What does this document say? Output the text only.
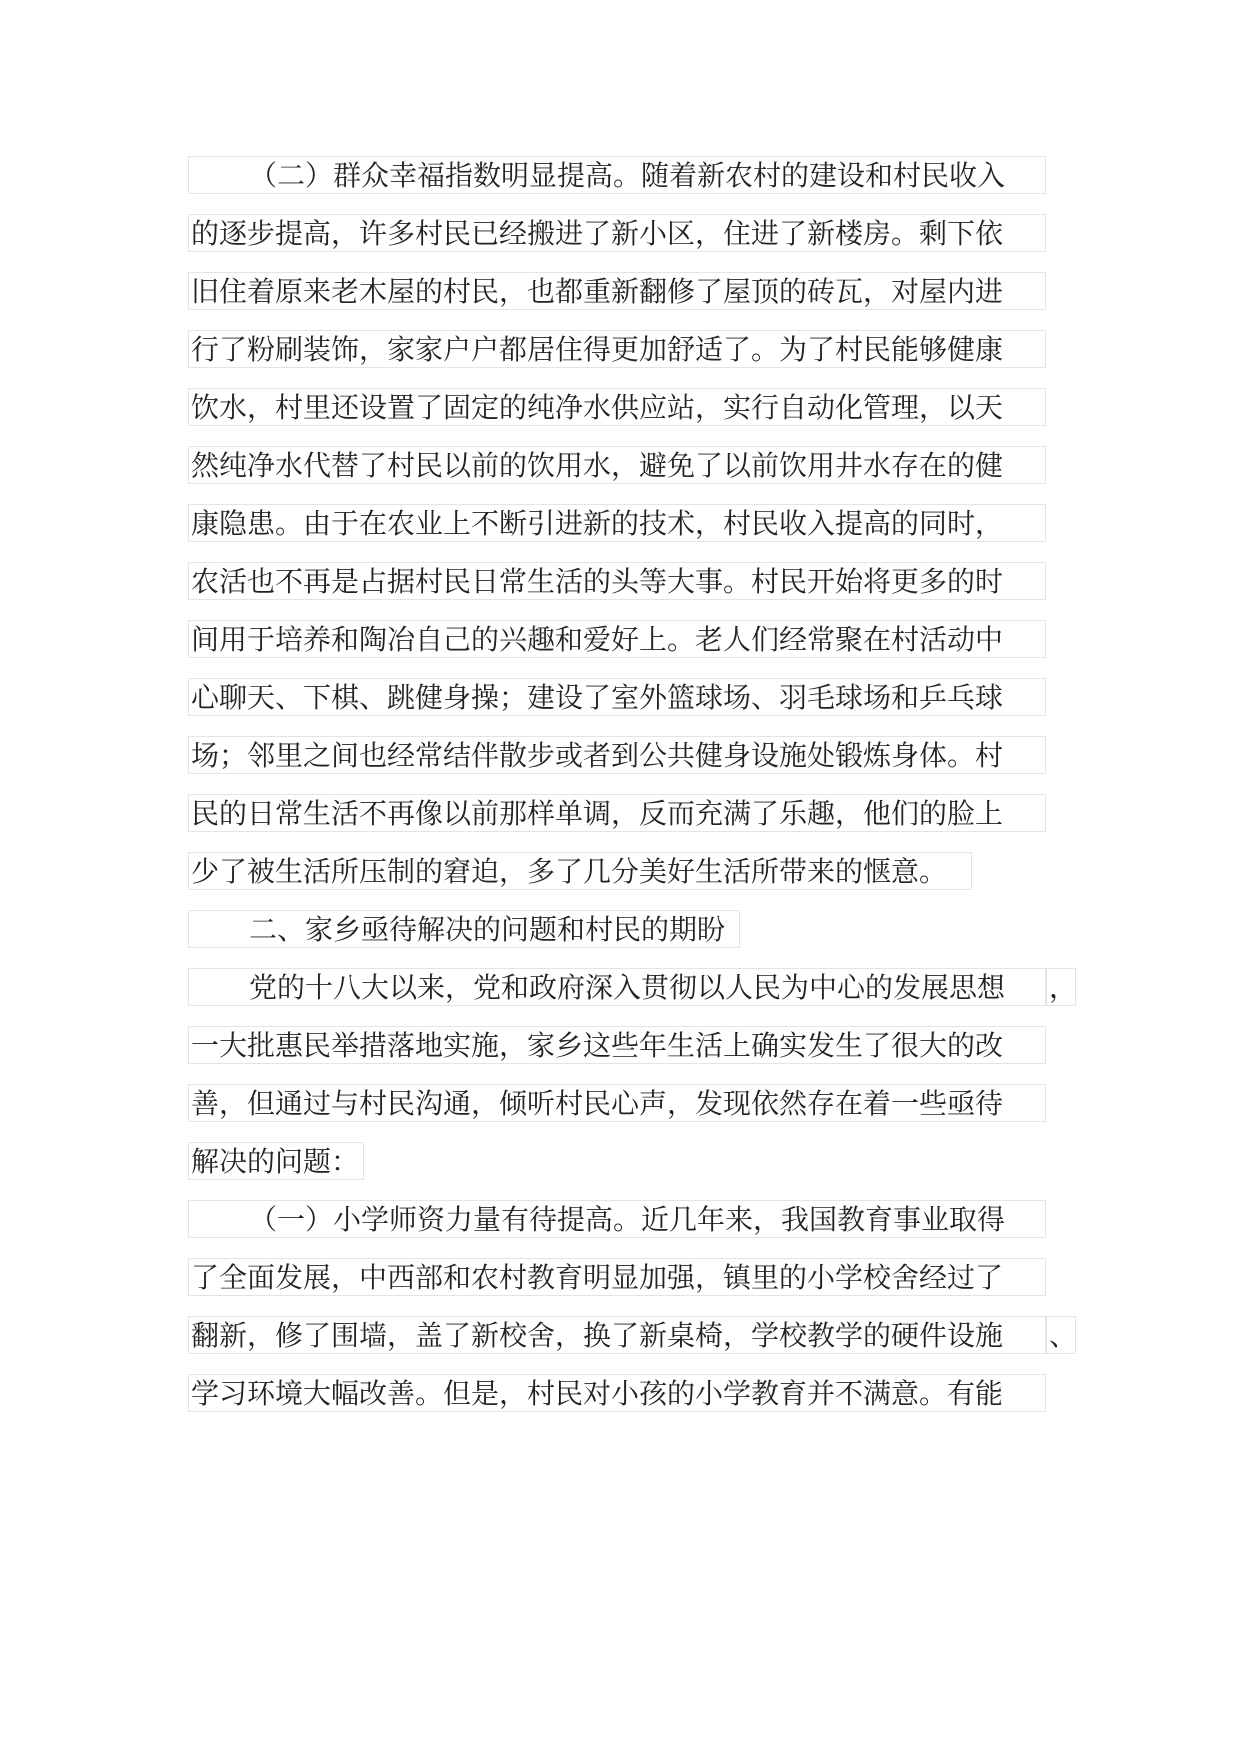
（二）群众幸福指数明显提高。随着新农村的建设和村民收入
的逐步提高，许多村民已经搬进了新小区，住进了新楼房。剩下依
旧住着原来老木屋的村民，也都重新翻修了屋顶的砖瓦，对屋内进
行了粉刷装饰，家家户户都居住得更加舒适了。为了村民能够健康
饮水，村里还设置了固定的纯净水供应站，实行自动化管理，以天
然纯净水代替了村民以前的饮用水，避免了以前饮用井水存在的健
康隐患。由于在农业上不断引进新的技术，村民收入提高的同时，
农活也不再是占据村民日常生活的头等大事。村民开始将更多的时
间用于培养和陶冶自己的兴趣和爱好上。老人们经常聚在村活动中
心聊天、下棋、跳健身操；建设了室外篮球场、羽毛球场和乒乓球
场；邻里之间也经常结伴散步或者到公共健身设施处锻炼身体。村
民的日常生活不再像以前那样单调，反而充满了乐趣，他们的脸上
少了被生活所压制的窘迫，多了几分美好生活所带来的惬意。
二、家乡亟待解决的问题和村民的期盼
党的十八大以来，党和政府深入贯彻以人民为中心的发展思想	，
一大批惠民举措落地实施，家乡这些年生活上确实发生了很大的改
善，但通过与村民沟通，倾听村民心声，发现依然存在着一些亟待
解决的问题：
（一）小学师资力量有待提高。近几年来，我国教育事业取得
了全面发展，中西部和农村教育明显加强，镇里的小学校舍经过了
翻新，修了围墙，盖了新校舍，换了新桌椅，学校教学的硬件设施	、
学习环境大幅改善。但是，村民对小孩的小学教育并不满意。有能
